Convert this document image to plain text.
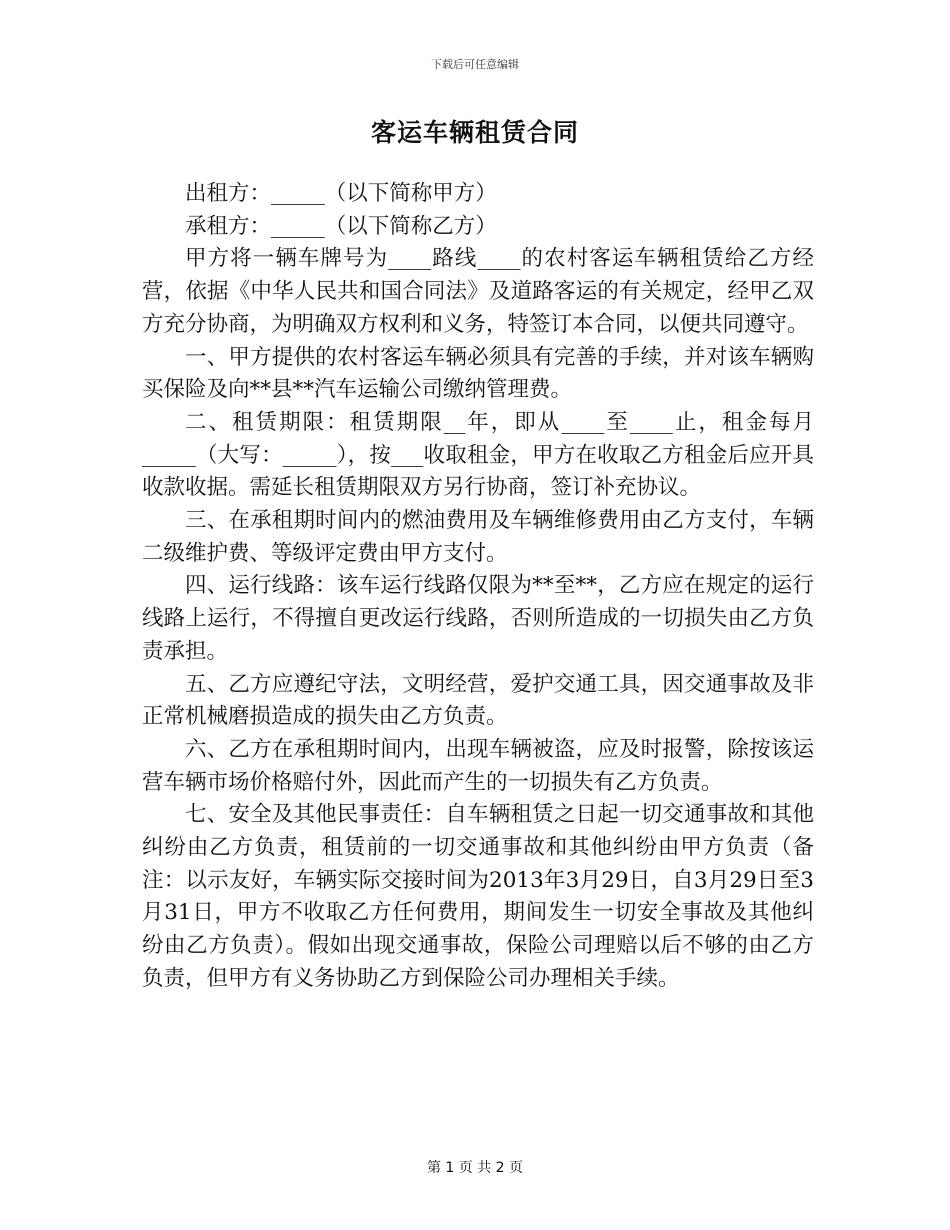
下载后可任意编辑
客运车辆租赁合同

出租方：_____（以下简称甲方）

承租方：_____（以下简称乙方）

甲方将一辆车牌号为____路线____的农村客运车辆租赁给乙方经营，依据《中华人民共和国合同法》及道路客运的有关规定，经甲乙双方充分协商，为明确双方权利和义务，特签订本合同，以便共同遵守。

一、甲方提供的农村客运车辆必须具有完善的手续，并对该车辆购买保险及向**县**汽车运输公司缴纳管理费。

二、租赁期限：租赁期限__年，即从____至____止，租金每月_____（大写：_____），按___收取租金，甲方在收取乙方租金后应开具收款收据。需延长租赁期限双方另行协商，签订补充协议。

三、在承租期时间内的燃油费用及车辆维修费用由乙方支付，车辆二级维护费、等级评定费由甲方支付。

四、运行线路：该车运行线路仅限为**至**，乙方应在规定的运行线路上运行，不得擅自更改运行线路，否则所造成的一切损失由乙方负责承担。

五、乙方应遵纪守法，文明经营，爱护交通工具，因交通事故及非正常机械磨损造成的损失由乙方负责。

六、乙方在承租期时间内，出现车辆被盗，应及时报警，除按该运营车辆市场价格赔付外，因此而产生的一切损失有乙方负责。

七、安全及其他民事责任：自车辆租赁之日起一切交通事故和其他纠纷由乙方负责，租赁前的一切交通事故和其他纠纷由甲方负责（备注：以示友好，车辆实际交接时间为2013年3月29日，自3月29日至3月31日，甲方不收取乙方任何费用，期间发生一切安全事故及其他纠纷由乙方负责）。假如出现交通事故，保险公司理赔以后不够的由乙方负责，但甲方有义务协助乙方到保险公司办理相关手续。

第 1 页 共 2 页
